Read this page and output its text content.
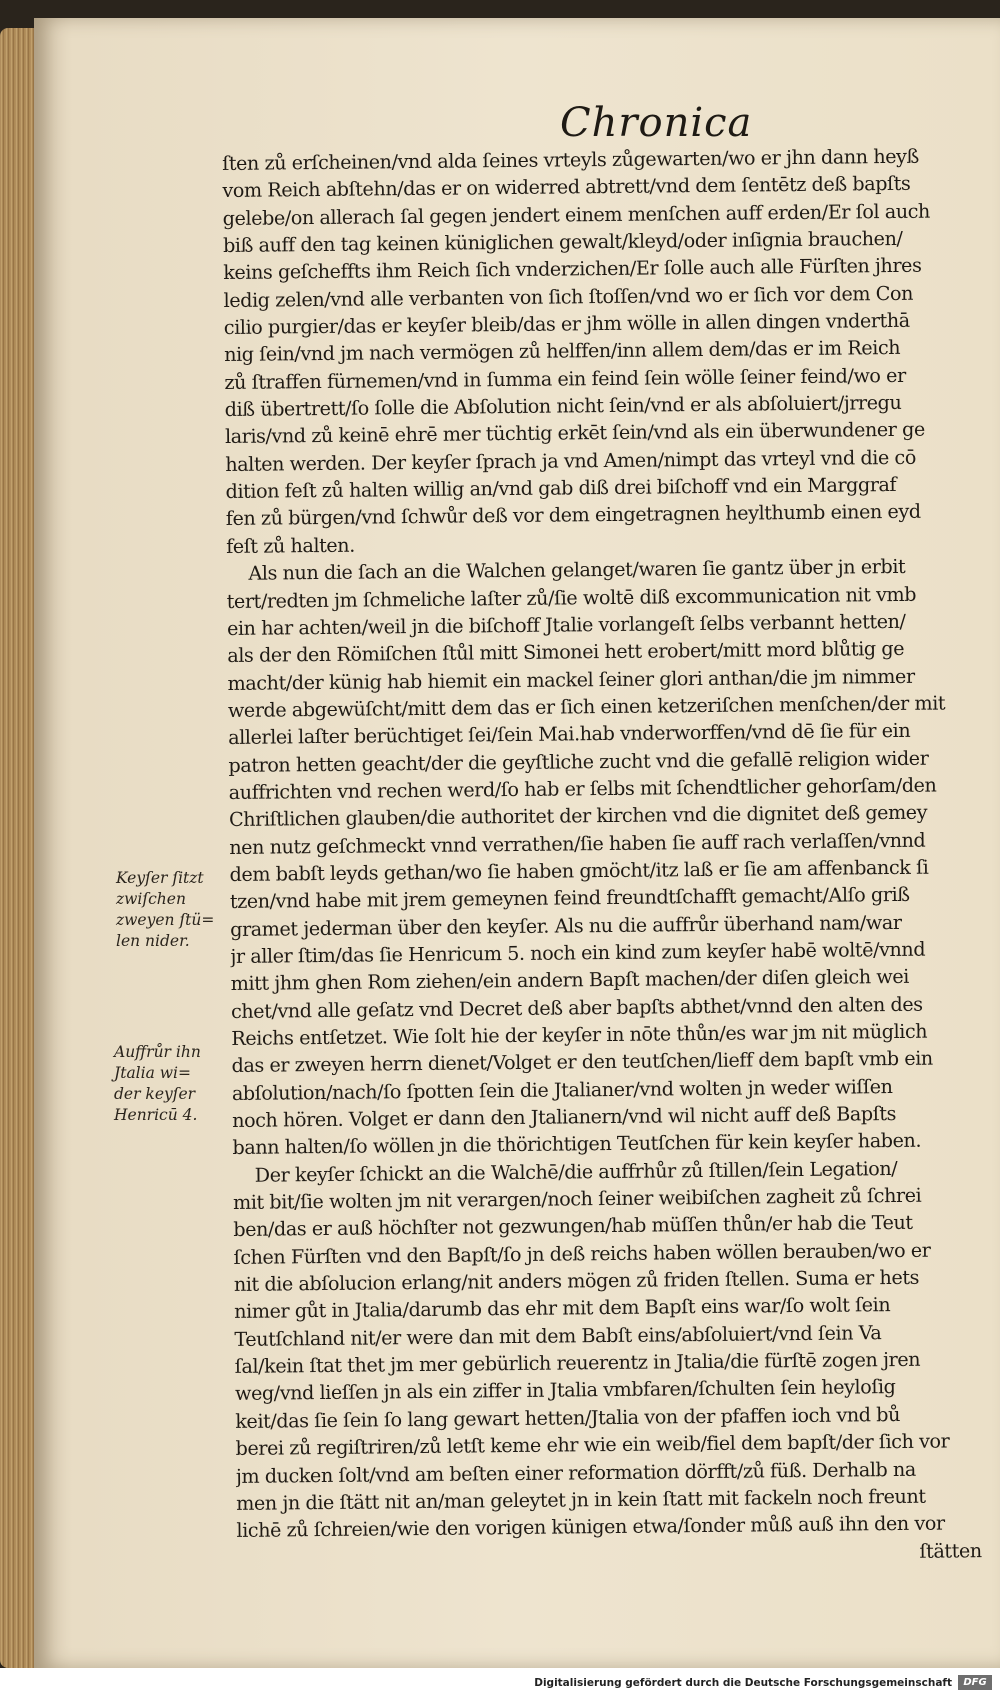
Chronica
ſten zů erſcheinen/vnd alda ſeines vrteyls zůgewarten/wo er jhn dann heyß
vom Reich abſtehn/das er on widerred abtrett/vnd dem ſentētz deß bapſts
gelebe/on allerach ſal gegen jendert einem menſchen auff erden/Er ſol auch
biß auff den tag keinen küniglichen gewalt/kleyd/oder inſignia brauchen/
keins geſcheffts ihm Reich ſich vnderzichen/Er ſolle auch alle Fürſten jhres
ledig zelen/vnd alle verbanten von ſich ſtoſſen/vnd wo er ſich vor dem Con
cilio purgier/das er keyſer bleib/das er jhm wölle in allen dingen vnderthā
nig ſein/vnd jm nach vermögen zů helffen/inn allem dem/das er im Reich
zů ſtraffen fürnemen/vnd in ſumma ein feind ſein wölle ſeiner feind/wo er
diß übertrett/ſo ſolle die Abſolution nicht ſein/vnd er als abſoluiert/jrregu
laris/vnd zů keinē ehrē mer tüchtig erkēt ſein/vnd als ein überwundener ge
halten werden. Der keyſer ſprach ja vnd Amen/nimpt das vrteyl vnd die cō
dition feſt zů halten willig an/vnd gab diß drei biſchoff vnd ein Marggraf
fen zů bürgen/vnd ſchwůr deß vor dem eingetragnen heylthumb einen eyd
feſt zů halten.
Als nun die ſach an die Walchen gelanget/waren ſie gantz über jn erbit
tert/redten jm ſchmeliche laſter zů/ſie woltē diß excommunication nit vmb
ein har achten/weil jn die biſchoff Jtalie vorlangeſt ſelbs verbannt hetten/
als der den Römiſchen ſtůl mitt Simonei hett erobert/mitt mord blůtig ge
macht/der künig hab hiemit ein mackel ſeiner glori anthan/die jm nimmer
werde abgewüſcht/mitt dem das er ſich einen ketzeriſchen menſchen/der mit
allerlei laſter berüchtiget ſei/ſein Mai.hab vnderworffen/vnd dē ſie für ein
patron hetten geacht/der die geyſtliche zucht vnd die gefallē religion wider
auffrichten vnd rechen werd/ſo hab er ſelbs mit ſchendtlicher gehorſam/den
Chriſtlichen glauben/die authoritet der kirchen vnd die dignitet deß gemey
nen nutz geſchmeckt vnnd verrathen/ſie haben ſie auff rach verlaſſen/vnnd
dem babſt leyds gethan/wo ſie haben gmöcht/itz laß er ſie am affenbanck ſi
tzen/vnd habe mit jrem gemeynen feind freundtſchafft gemacht/Alſo griß
gramet jederman über den keyſer. Als nu die auffrůr überhand nam/war
jr aller ſtim/das ſie Henricum 5. noch ein kind zum keyſer habē woltē/vnnd
mitt jhm ghen Rom ziehen/ein andern Bapſt machen/der diſen gleich wei
chet/vnd alle geſatz vnd Decret deß aber bapſts abthet/vnnd den alten des
Reichs entſetzet. Wie ſolt hie der keyſer in nōte thůn/es war jm nit müglich
das er zweyen herrn dienet/Volget er den teutſchen/lieff dem bapſt vmb ein
abſolution/nach/ſo ſpotten ſein die Jtalianer/vnd wolten jn weder wiſſen
noch hören. Volget er dann den Jtalianern/vnd wil nicht auff deß Bapſts
bann halten/ſo wöllen jn die thörichtigen Teutſchen für kein keyſer haben.
Der keyſer ſchickt an die Walchē/die auffrhůr zů ſtillen/ſein Legation/
mit bit/ſie wolten jm nit verargen/noch ſeiner weibiſchen zagheit zů ſchrei
ben/das er auß höchſter not gezwungen/hab müſſen thůn/er hab die Teut
ſchen Fürſten vnd den Bapſt/ſo jn deß reichs haben wöllen berauben/wo er
nit die abſolucion erlang/nit anders mögen zů friden ſtellen. Suma er hets
nimer gůt in Jtalia/darumb das ehr mit dem Bapſt eins war/ſo wolt ſein
Teutſchland nit/er were dan mit dem Babſt eins/abſoluiert/vnd ſein Va
ſal/kein ſtat thet jm mer gebürlich reuerentz in Jtalia/die fürſtē zogen jren
weg/vnd lieſſen jn als ein ziffer in Jtalia vmbfaren/ſchulten ſein heyloſig
keit/das ſie ſein ſo lang gewart hetten/Jtalia von der pfaffen ioch vnd bů
berei zů regiſtriren/zů letſt keme ehr wie ein weib/fiel dem bapſt/der ſich vor
jm ducken ſolt/vnd am beſten einer reformation dörfft/zů füß. Derhalb na
men jn die ſtätt nit an/man geleytet jn in kein ſtatt mit fackeln noch freunt
lichē zů ſchreien/wie den vorigen künigen etwa/ſonder můß auß ihn den vor
ſtätten
Keyſer ſitzt
zwiſchen
zweyen ſtü=
len nider.
Auffrůr ihn
Jtalia wi=
der keyſer
Henricū 4.
Digitalisierung gefördert durch die Deutsche Forschungsgemeinschaft	DFG
